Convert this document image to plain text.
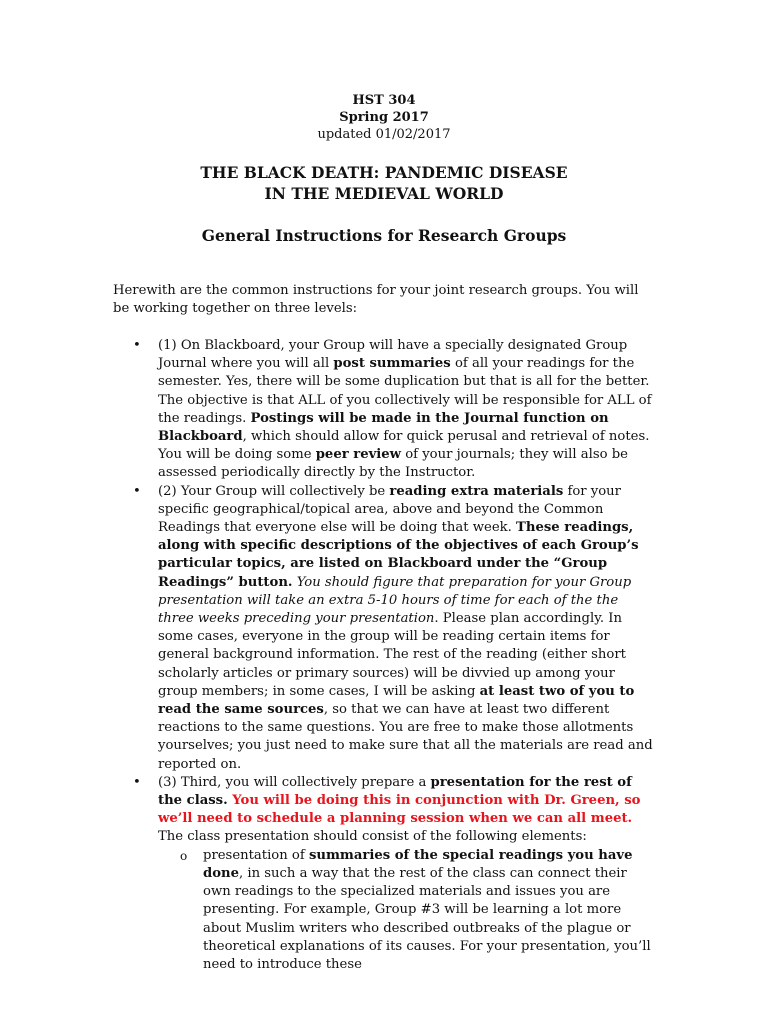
HST 304
Spring 2017
updated 01/02/2017
THE BLACK DEATH: PANDEMIC DISEASE
IN THE MEDIEVAL WORLD
General Instructions for Research Groups
Herewith are the common instructions for your joint research groups. You will be working together on three levels:
• (1) On Blackboard, your Group will have a specially designated Group Journal where you will all post summaries of all your readings for the semester. Yes, there will be some duplication but that is all for the better. The objective is that ALL of you collectively will be responsible for ALL of the readings. Postings will be made in the Journal function on Blackboard, which should allow for quick perusal and retrieval of notes. You will be doing some peer review of your journals; they will also be assessed periodically directly by the Instructor.
• (2) Your Group will collectively be reading extra materials for your specific geographical/topical area, above and beyond the Common Readings that everyone else will be doing that week. These readings, along with specific descriptions of the objectives of each Group’s particular topics, are listed on Blackboard under the “Group Readings” button. You should figure that preparation for your Group presentation will take an extra 5-10 hours of time for each of the the three weeks preceding your presentation. Please plan accordingly. In some cases, everyone in the group will be reading certain items for general background information. The rest of the reading (either short scholarly articles or primary sources) will be divvied up among your group members; in some cases, I will be asking at least two of you to read the same sources, so that we can have at least two different reactions to the same questions. You are free to make those allotments yourselves; you just need to make sure that all the materials are read and reported on.
• (3) Third, you will collectively prepare a presentation for the rest of the class. You will be doing this in conjunction with Dr. Green, so we’ll need to schedule a planning session when we can all meet. The class presentation should consist of the following elements:
o presentation of summaries of the special readings you have done, in such a way that the rest of the class can connect their own readings to the specialized materials and issues you are presenting. For example, Group #3 will be learning a lot more about Muslim writers who described outbreaks of the plague or theoretical explanations of its causes. For your presentation, you’ll need to introduce these
